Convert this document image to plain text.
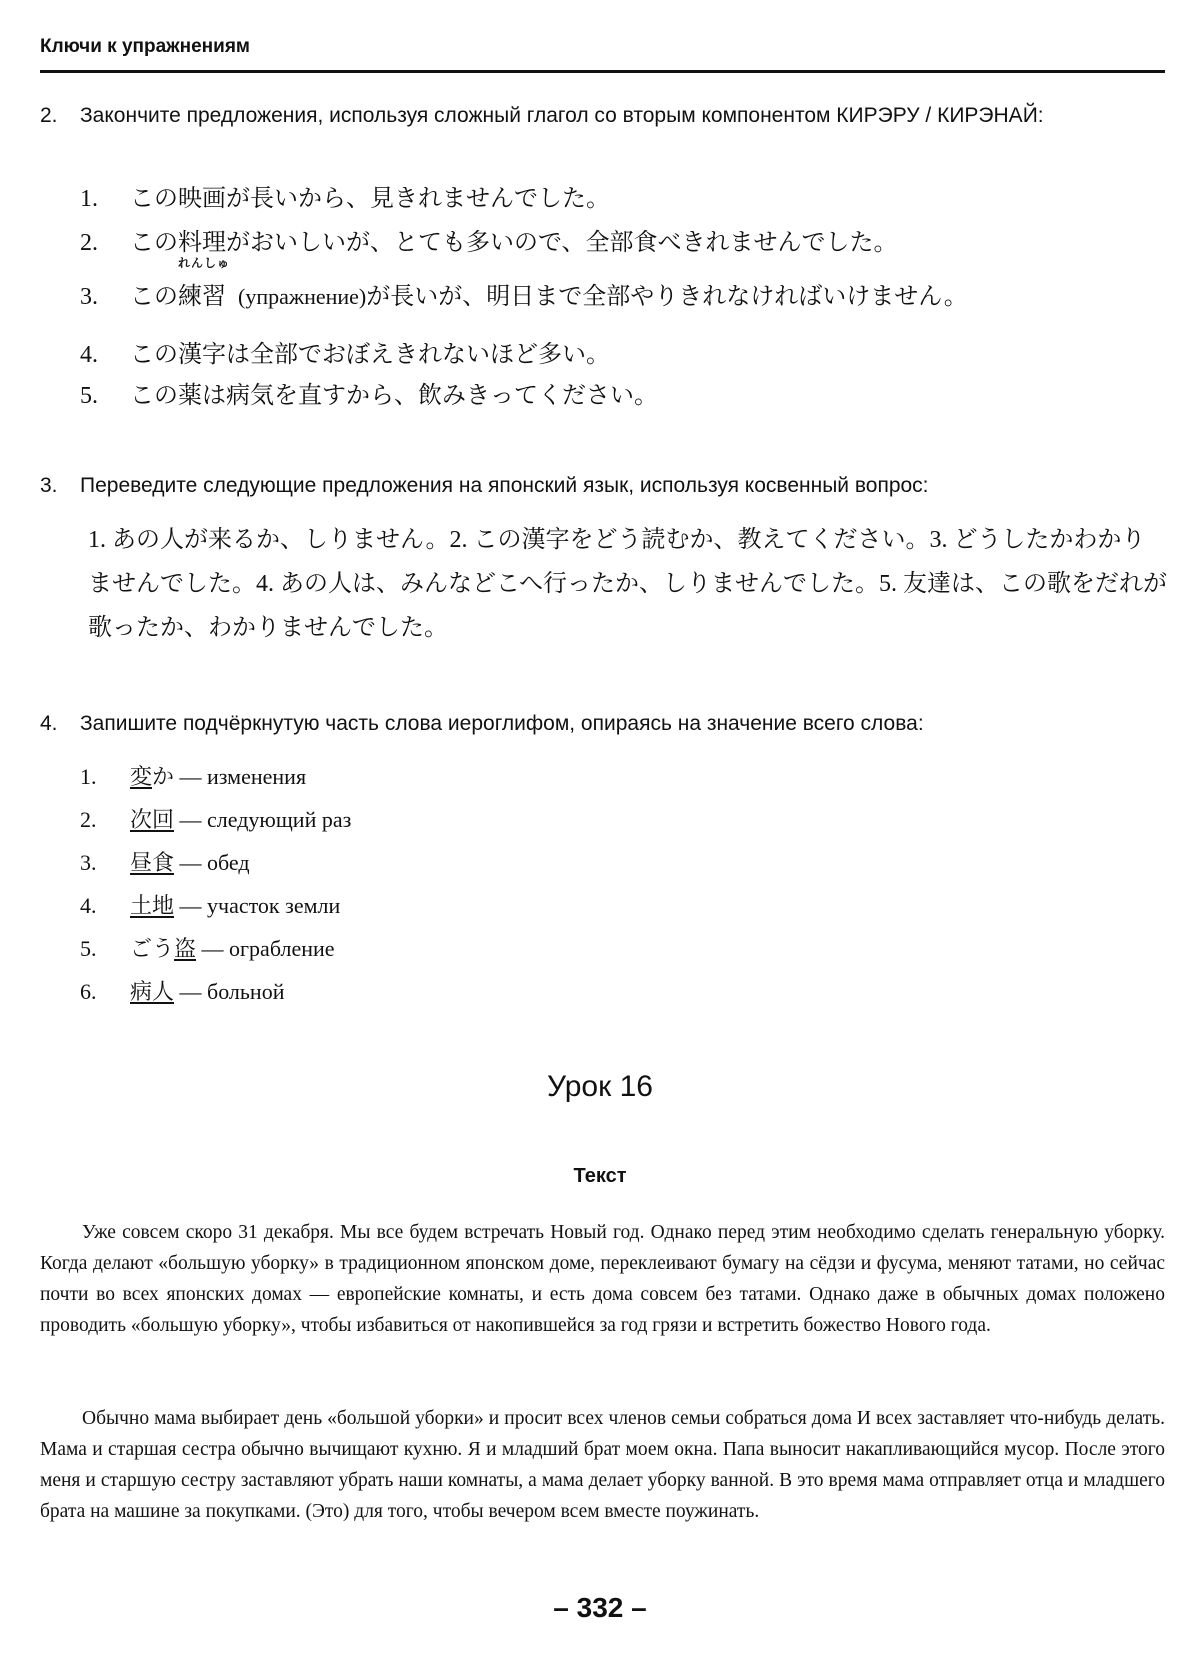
Ключи к упражнениям
2.	Закончите предложения, используя сложный глагол со вторым компонентом КИРЭРУ / КИРЭНАЙ:
1. この映画が長いから、見きれませんでした。
2. この料理がおいしいが、とても多いので、全部食べきれませんでした。
3. この
れんしゅ
練習 (упражнение)が長いが、明日まで全部やりきれなければいけません。
4. この漢字は全部でおぼえきれないほど多い。
5. この薬は病気を直すから、飲みきってください。
3.	Переведите следующие предложения на японский язык, используя косвенный вопрос:
1. あの人が来るか、しりません。2. この漢字をどう読むか、教えてください。3. どうしたかわかりませんでした。4. あの人は、みんなどこへ行ったか、しりませんでした。5. 友達は、この歌をだれが歌ったか、わかりませんでした。
4.	Запишите подчёркнутую часть слова иероглифом, опираясь на значение всего слова:
1. 変か — изменения
2. 次回 — следующий раз
3. 昼食 — обед
4. 土地 — участок земли
5. ごう盗 — ограбление
6. 病人 — больной
Урок 16
Текст

Уже совсем скоро 31 декабря. Мы все будем встречать Новый год. Однако перед этим необходимо сделать генеральную уборку. Когда делают «большую уборку» в традиционном японском доме, переклеивают бумагу на сёдзи и фусума, меняют татами, но сейчас почти во всех японских домах — европейские комнаты, и есть дома совсем без татами. Однако даже в обычных домах положено проводить «большую уборку», чтобы избавиться от накопившейся за год грязи и встретить божество Нового года.

Обычно мама выбирает день «большой уборки» и просит всех членов семьи собраться дома И всех заставляет что-нибудь делать. Мама и старшая сестра обычно вычищают кухню. Я и младший брат моем окна. Папа выносит накапливающийся мусор. После этого меня и старшую сестру заставляют убрать наши комнаты, а мама делает уборку ванной. В это время мама отправляет отца и младшего брата на машине за покупками. (Это) для того, чтобы вечером всем вместе поужинать.

– 332 –
